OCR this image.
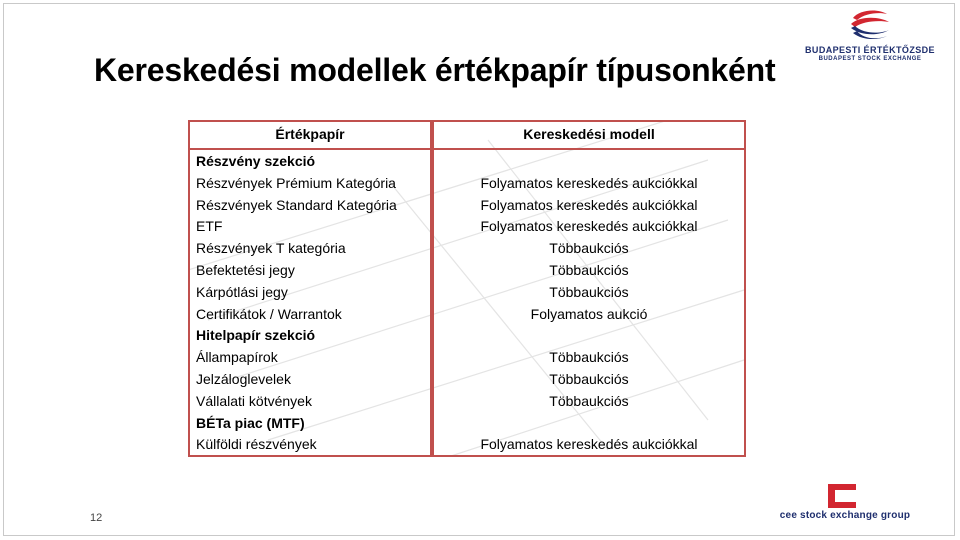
Kereskedési modellek értékpapír típusonként
BUDAPESTI ÉRTÉKTŐZSDE
BUDAPEST STOCK EXCHANGE
Értékpapír	Kereskedési modell
Részvény szekció
Részvények Prémium Kategória	Folyamatos kereskedés aukciókkal
Részvények Standard Kategória	Folyamatos kereskedés aukciókkal
ETF	Folyamatos kereskedés aukciókkal
Részvények T kategória	Többaukciós
Befektetési jegy	Többaukciós
Kárpótlási jegy	Többaukciós
Certifikátok / Warrantok	Folyamatos aukció
Hitelpapír szekció
Állampapírok	Többaukciós
Jelzáloglevelek	Többaukciós
Vállalati kötvények	Többaukciós
BÉTa piac (MTF)
Külföldi részvények	Folyamatos kereskedés aukciókkal
12	cee stock exchange group
